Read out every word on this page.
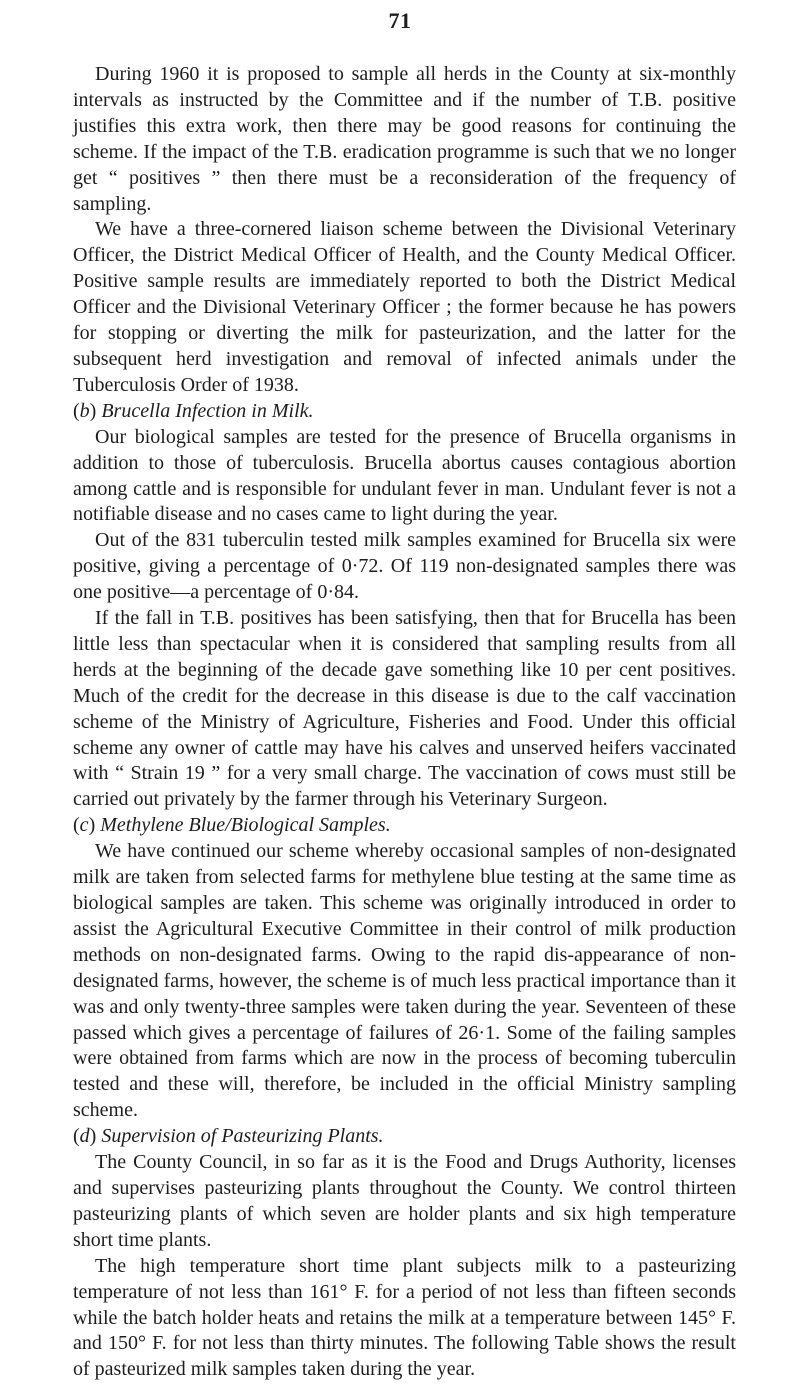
71

During 1960 it is proposed to sample all herds in the County at six-monthly intervals as instructed by the Committee and if the number of T.B. positive justifies this extra work, then there may be good reasons for continuing the scheme. If the impact of the T.B. eradication programme is such that we no longer get “ positives ” then there must be a reconsideration of the frequency of sampling.

We have a three-cornered liaison scheme between the Divisional Veterinary Officer, the District Medical Officer of Health, and the County Medical Officer. Positive sample results are immediately reported to both the District Medical Officer and the Divisional Veterinary Officer ; the former because he has powers for stopping or diverting the milk for pasteurization, and the latter for the subsequent herd investigation and removal of infected animals under the Tuberculosis Order of 1938.

(b) Brucella Infection in Milk.

Our biological samples are tested for the presence of Brucella organisms in addition to those of tuberculosis. Brucella abortus causes contagious abortion among cattle and is responsible for undulant fever in man. Undulant fever is not a notifiable disease and no cases came to light during the year.

Out of the 831 tuberculin tested milk samples examined for Brucella six were positive, giving a percentage of 0·72. Of 119 non-designated samples there was one positive—a percentage of 0·84.

If the fall in T.B. positives has been satisfying, then that for Brucella has been little less than spectacular when it is considered that sampling results from all herds at the beginning of the decade gave something like 10 per cent positives. Much of the credit for the decrease in this disease is due to the calf vaccination scheme of the Ministry of Agriculture, Fisheries and Food. Under this official scheme any owner of cattle may have his calves and unserved heifers vaccinated with “ Strain 19 ” for a very small charge. The vaccination of cows must still be carried out privately by the farmer through his Veterinary Surgeon.

(c) Methylene Blue/Biological Samples.

We have continued our scheme whereby occasional samples of non-designated milk are taken from selected farms for methylene blue testing at the same time as biological samples are taken. This scheme was originally introduced in order to assist the Agricultural Executive Committee in their control of milk production methods on non-designated farms. Owing to the rapid dis-appearance of non-designated farms, however, the scheme is of much less practical importance than it was and only twenty-three samples were taken during the year. Seventeen of these passed which gives a percentage of failures of 26·1. Some of the failing samples were obtained from farms which are now in the process of becoming tuberculin tested and these will, therefore, be included in the official Ministry sampling scheme.

(d) Supervision of Pasteurizing Plants.

The County Council, in so far as it is the Food and Drugs Authority, licenses and supervises pasteurizing plants throughout the County. We control thirteen pasteurizing plants of which seven are holder plants and six high temperature short time plants.

The high temperature short time plant subjects milk to a pasteurizing temperature of not less than 161° F. for a period of not less than fifteen seconds while the batch holder heats and retains the milk at a temperature between 145° F. and 150° F. for not less than thirty minutes. The following Table shows the result of pasteurized milk samples taken during the year.
